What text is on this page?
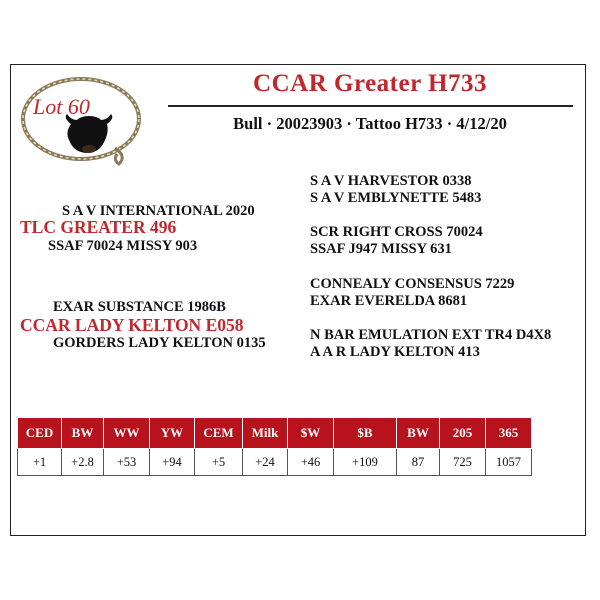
Lot 60
CCAR Greater H733
Bull · 20023903 · Tattoo H733 · 4/12/20
S A V INTERNATIONAL 2020
TLC GREATER 496
SSAF 70024 MISSY 903
EXAR SUBSTANCE 1986B
CCAR LADY KELTON E058
GORDERS LADY KELTON 0135
S A V HARVESTOR 0338
S A V EMBLYNETTE 5483
SCR RIGHT CROSS 70024
SSAF J947 MISSY 631
CONNEALY CONSENSUS 7229
EXAR EVERELDA 8681
N BAR EMULATION EXT TR4 D4X8
A A R LADY KELTON 413
CED	BW	WW	YW	CEM	Milk	$W	$B	BW	205	365
+1	+2.8	+53	+94	+5	+24	+46	+109	87	725	1057
